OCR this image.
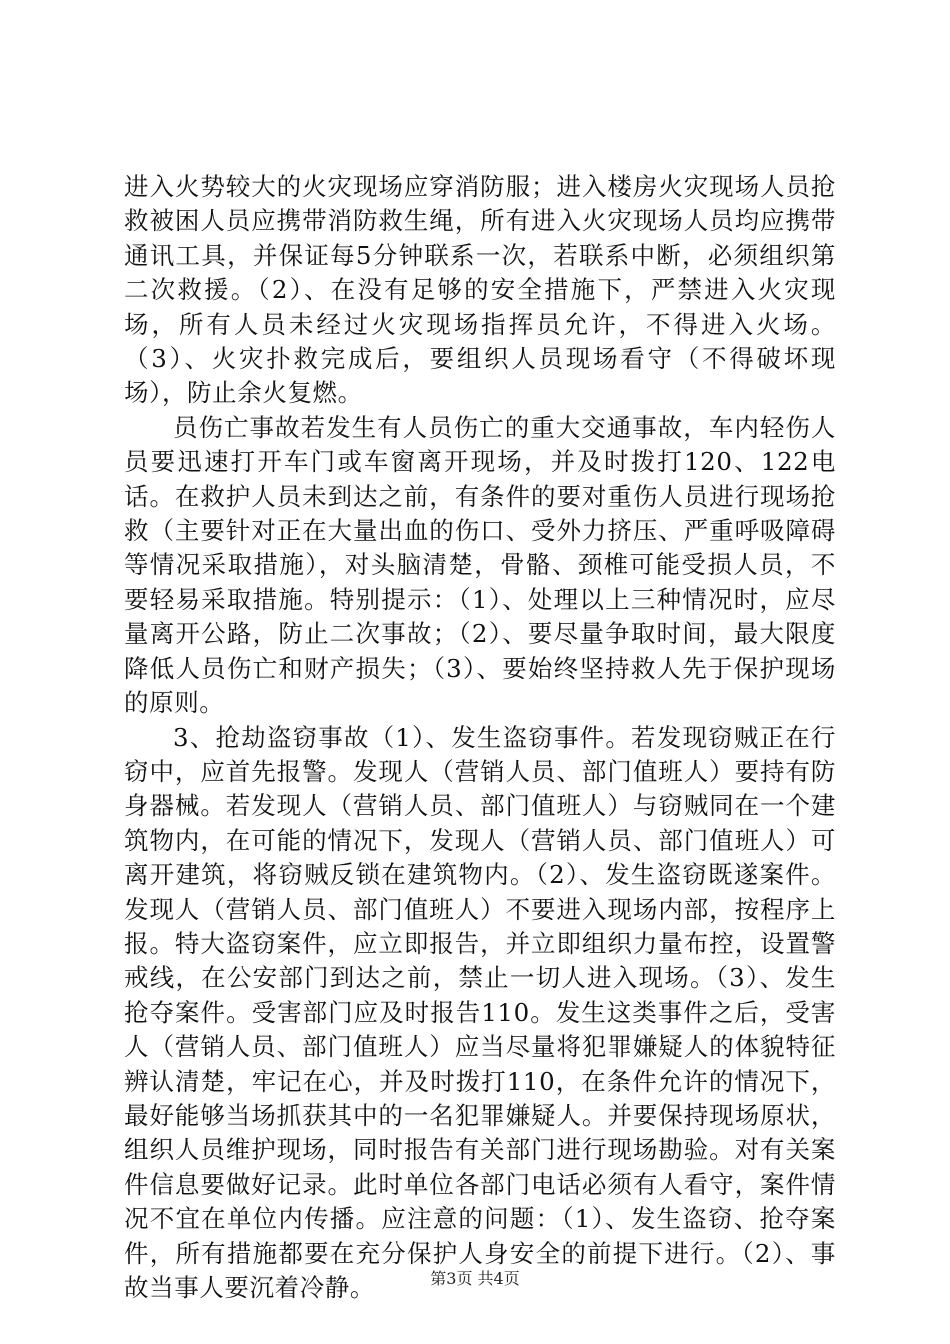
进入火势较大的火灾现场应穿消防服；进入楼房火灾现场人员抢救被困人员应携带消防救生绳，所有进入火灾现场人员均应携带通讯工具，并保证每5分钟联系一次，若联系中断，必须组织第二次救援。（2）、在没有足够的安全措施下，严禁进入火灾现场，所有人员未经过火灾现场指挥员允许，不得进入火场。（3）、火灾扑救完成后，要组织人员现场看守（不得破坏现场），防止余火复燃。

员伤亡事故若发生有人员伤亡的重大交通事故，车内轻伤人员要迅速打开车门或车窗离开现场，并及时拨打120、122电话。在救护人员未到达之前，有条件的要对重伤人员进行现场抢救（主要针对正在大量出血的伤口、受外力挤压、严重呼吸障碍等情况采取措施），对头脑清楚，骨骼、颈椎可能受损人员，不要轻易采取措施。特别提示：（1）、处理以上三种情况时，应尽量离开公路，防止二次事故；（2）、要尽量争取时间，最大限度降低人员伤亡和财产损失；（3）、要始终坚持救人先于保护现场的原则。

3、抢劫盗窃事故（1）、发生盗窃事件。若发现窃贼正在行窃中，应首先报警。发现人（营销人员、部门值班人）要持有防身器械。若发现人（营销人员、部门值班人）与窃贼同在一个建筑物内，在可能的情况下，发现人（营销人员、部门值班人）可离开建筑，将窃贼反锁在建筑物内。（2）、发生盗窃既遂案件。发现人（营销人员、部门值班人）不要进入现场内部，按程序上报。特大盗窃案件，应立即报告，并立即组织力量布控，设置警戒线，在公安部门到达之前，禁止一切人进入现场。（3）、发生抢夺案件。受害部门应及时报告110。发生这类事件之后，受害人（营销人员、部门值班人）应当尽量将犯罪嫌疑人的体貌特征辨认清楚，牢记在心，并及时拨打110，在条件允许的情况下，最好能够当场抓获其中的一名犯罪嫌疑人。并要保持现场原状，组织人员维护现场，同时报告有关部门进行现场勘验。对有关案件信息要做好记录。此时单位各部门电话必须有人看守，案件情况不宜在单位内传播。应注意的问题：（1）、发生盗窃、抢夺案件，所有措施都要在充分保护人身安全的前提下进行。（2）、事故当事人要沉着冷静。	第3页 共4页
